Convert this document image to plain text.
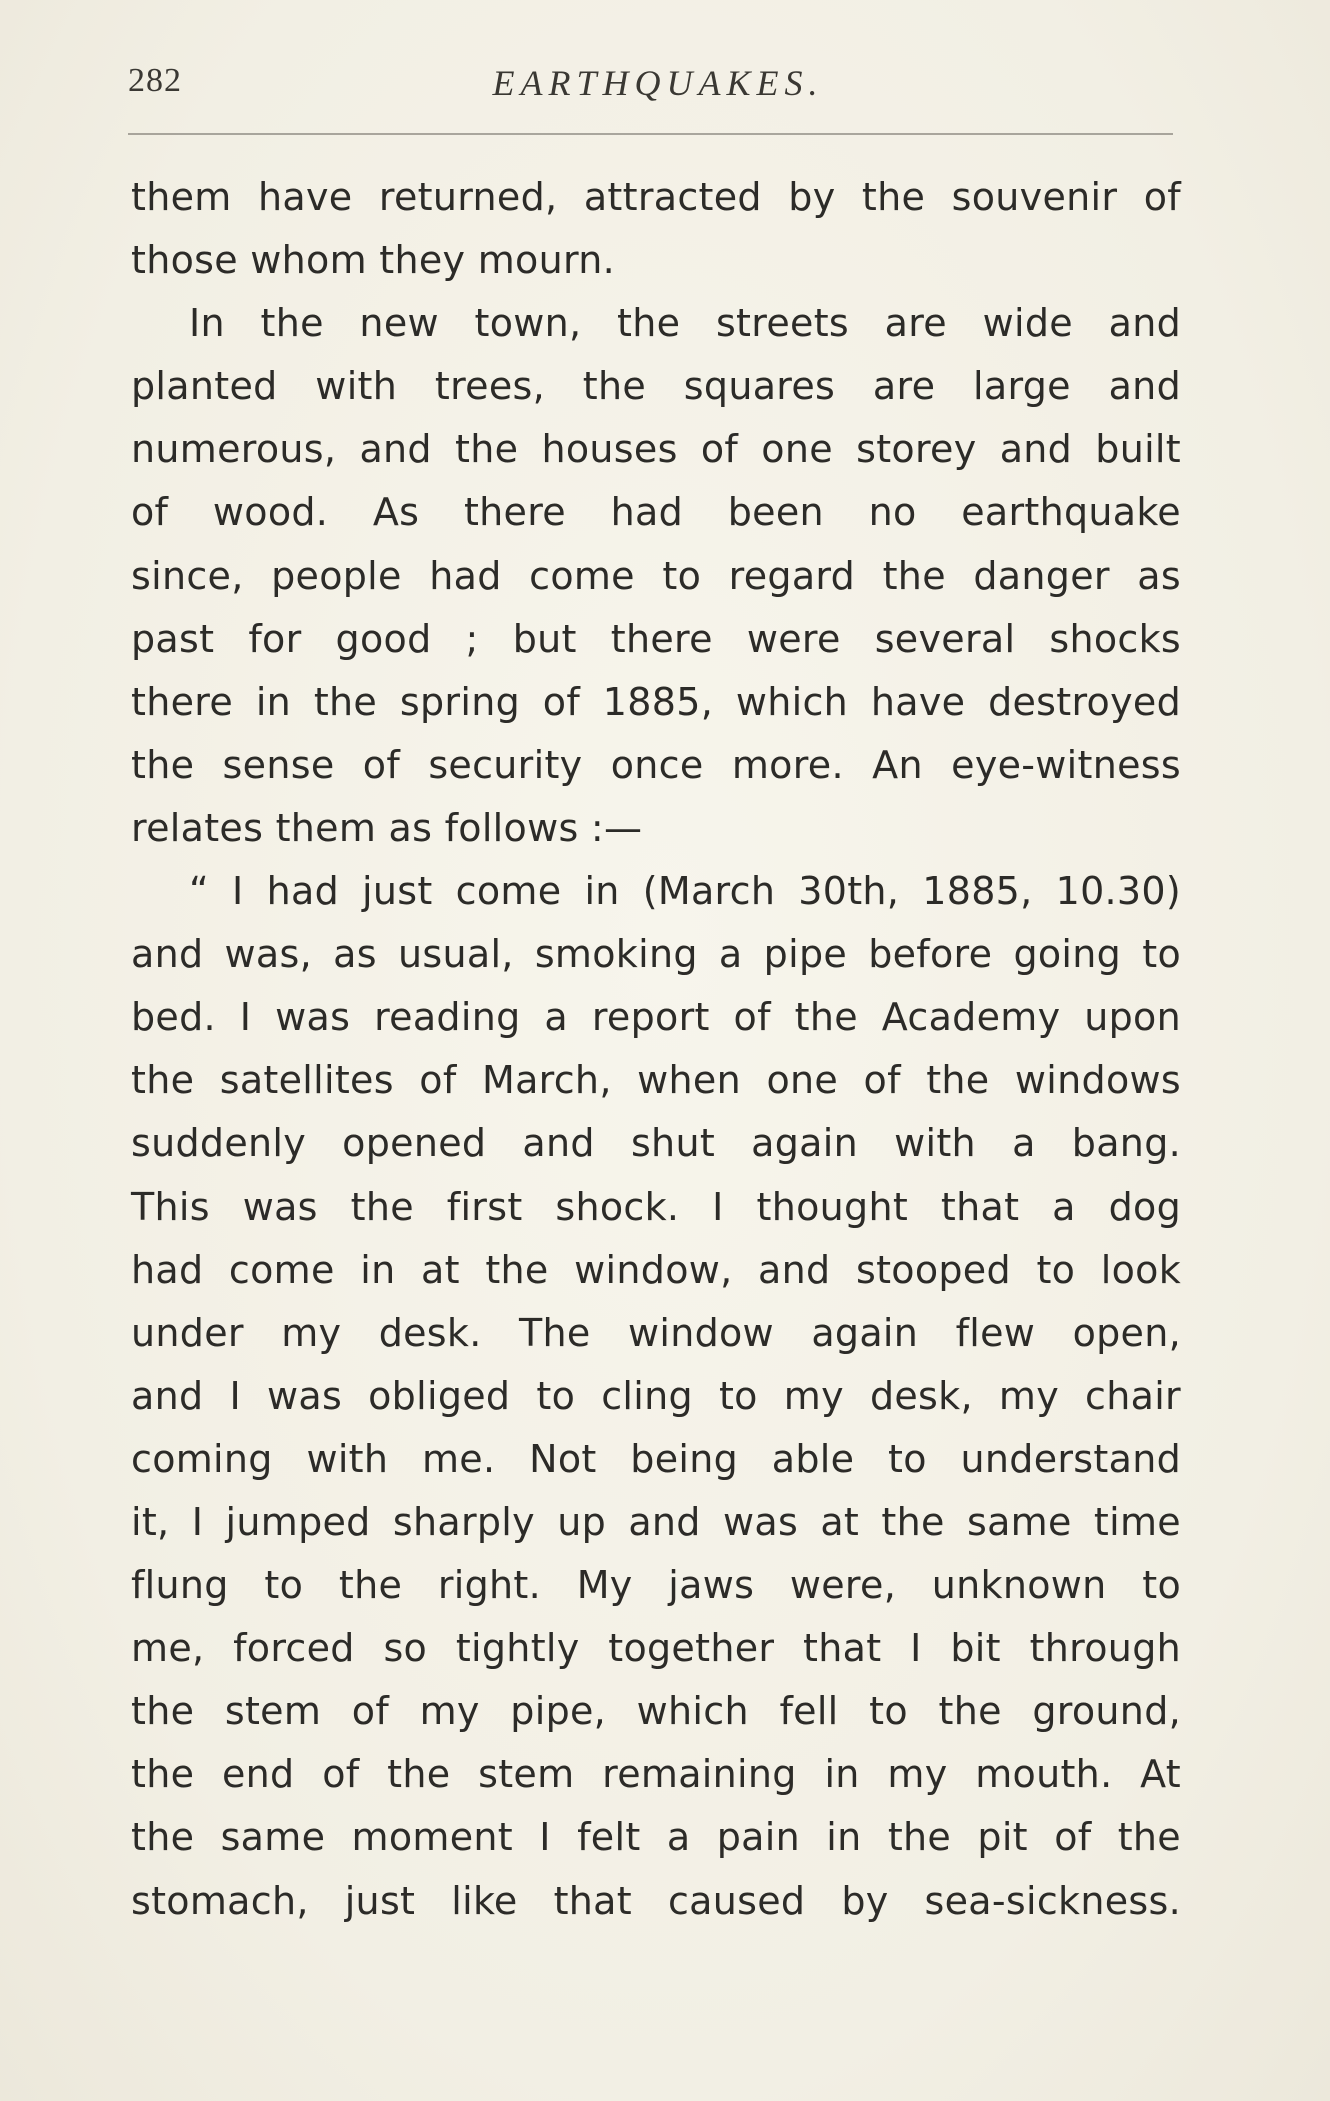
282	EARTHQUAKES.
them have returned, attracted by the souvenir of
those whom they mourn.
In the new town, the streets are wide and
planted with trees, the squares are large and
numerous, and the houses of one storey and built
of wood. As there had been no earthquake
since, people had come to regard the danger as
past for good ; but there were several shocks
there in the spring of 1885, which have destroyed
the sense of security once more. An eye-witness
relates them as follows :—
“ I had just come in (March 30th, 1885, 10.30)
and was, as usual, smoking a pipe before going to
bed. I was reading a report of the Academy upon
the satellites of March, when one of the windows
suddenly opened and shut again with a bang.
This was the first shock. I thought that a dog
had come in at the window, and stooped to look
under my desk. The window again flew open,
and I was obliged to cling to my desk, my chair
coming with me. Not being able to understand
it, I jumped sharply up and was at the same time
flung to the right. My jaws were, unknown to
me, forced so tightly together that I bit through
the stem of my pipe, which fell to the ground,
the end of the stem remaining in my mouth. At
the same moment I felt a pain in the pit of the
stomach, just like that caused by sea-sickness.
